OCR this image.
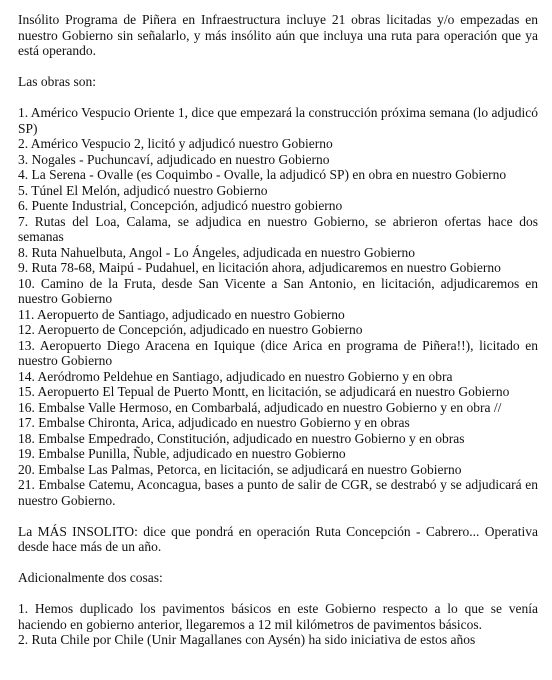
Insólito Programa de Piñera en Infraestructura incluye 21 obras licitadas y/o empezadas en nuestro Gobierno sin señalarlo, y más insólito aún que incluya una ruta para operación que ya está operando.

Las obras son:

1. Américo Vespucio Oriente 1, dice que empezará la construcción próxima semana (lo adjudicó SP)
2. Américo Vespucio 2, licitó y adjudicó nuestro Gobierno
3. Nogales - Puchuncaví, adjudicado en nuestro Gobierno
4. La Serena - Ovalle (es Coquimbo - Ovalle, la adjudicó SP) en obra en nuestro Gobierno
5. Túnel El Melón, adjudicó nuestro Gobierno
6. Puente Industrial, Concepción, adjudicó nuestro gobierno
7. Rutas del Loa, Calama, se adjudica en nuestro Gobierno, se abrieron ofertas hace dos semanas
8. Ruta Nahuelbuta, Angol - Lo Ángeles, adjudicada en nuestro Gobierno
9. Ruta 78-68, Maipú - Pudahuel, en licitación ahora, adjudicaremos en nuestro Gobierno
10. Camino de la Fruta, desde San Vicente a San Antonio, en licitación, adjudicaremos en nuestro Gobierno
11. Aeropuerto de Santiago, adjudicado en nuestro Gobierno
12. Aeropuerto de Concepción, adjudicado en nuestro Gobierno
13. Aeropuerto Diego Aracena en Iquique (dice Arica en programa de Piñera!!), licitado en nuestro Gobierno
14. Aeródromo Peldehue en Santiago, adjudicado en nuestro Gobierno y en obra
15. Aeropuerto El Tepual de Puerto Montt, en licitación, se adjudicará en nuestro Gobierno
16. Embalse Valle Hermoso, en Combarbalá, adjudicado en nuestro Gobierno y en obra //
17. Embalse Chironta, Arica, adjudicado en nuestro Gobierno y en obras
18. Embalse Empedrado, Constitución, adjudicado en nuestro Gobierno y en obras
19. Embalse Punilla, Ñuble, adjudicado en nuestro Gobierno
20. Embalse Las Palmas, Petorca, en licitación, se adjudicará en nuestro Gobierno
21. Embalse Catemu, Aconcagua, bases a punto de salir de CGR, se destrabó y se adjudicará en nuestro Gobierno.

La MÁS INSOLITO: dice que pondrá en operación Ruta Concepción - Cabrero... Operativa desde hace más de un año.

Adicionalmente dos cosas:

1. Hemos duplicado los pavimentos básicos en este Gobierno respecto a lo que se venía haciendo en gobierno anterior, llegaremos a 12 mil kilómetros de pavimentos básicos.
2. Ruta Chile por Chile (Unir Magallanes con Aysén) ha sido iniciativa de estos años
